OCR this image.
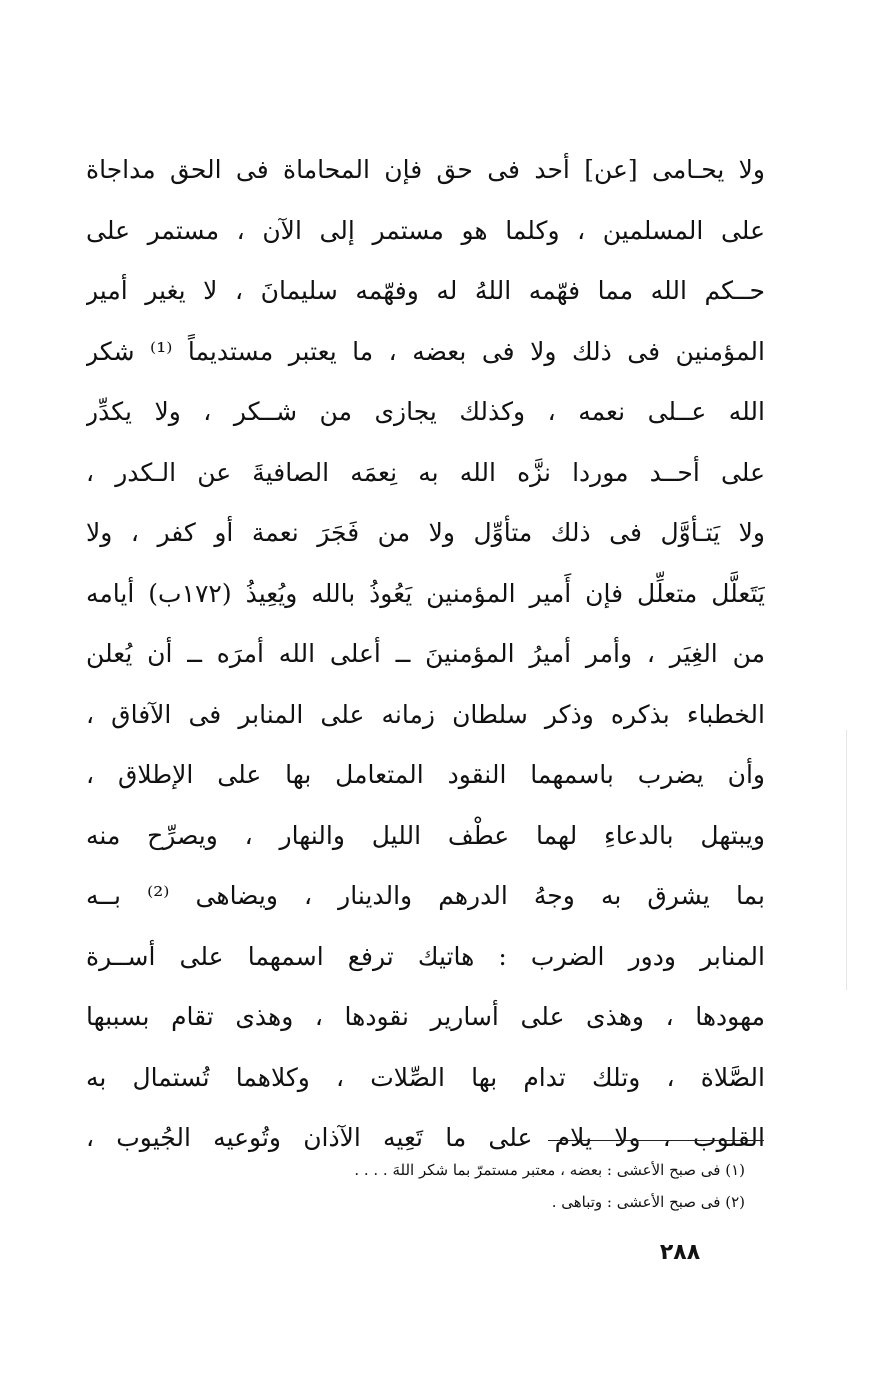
ولا يحـامى [عن] أحد فى حق فإن المحاماة فى الحق مداجاة
على المسلمين ، وكلما هو مستمر إلى الآن ، مستمر على
حــكم الله مما فهّمه اللهُ له وفهّمه سليمانَ ، لا يغير أمير
المؤمنين فى ذلك ولا فى بعضه ، ما يعتبر مستديماً ⁽¹⁾ شكر
الله عــلى نعمه ، وكذلك يجازى من شــكر ، ولا يكدِّر
على أحــد موردا نزَّه الله به نِعمَه الصافيةَ عن الـكدر ،
ولا يَتـأوَّل فى ذلك متأوِّل ولا من فَجَرَ نعمة أو كفر ، ولا
يَتَعلَّل متعلِّل فإن أَمير المؤمنين يَعُوذُ بالله ويُعِيذُ (١٧٢ب) أيامه
من الغِيَر ، وأمر أميرُ المؤمنينَ ــ أعلى الله أمرَه ــ أن يُعلن
الخطباء بذكره وذكر سلطان زمانه على المنابر فى الآفاق ،
وأن يضرب باسمهما النقود المتعامل بها على الإطلاق ،
ويبتهل بالدعاءِ لهما عطْف الليل والنهار ، ويصرِّح منه
بما يشرق به وجهُ الدرهم والدينار ، ويضاهى ⁽²⁾ بــه
المنابر ودور الضرب : هاتيك ترفع اسمهما على أســرة
مهودها ، وهذى على أسارير نقودها ، وهذى تقام بسببها
الصَّلاة ، وتلك تدام بها الصِّلات ، وكلاهما تُستمال به
القلوب ، ولا يلام على ما تَعِيه الآذان وتُوعيه الجُيوب ،
(١) فى صبح الأعشى : بعضه ، معتبر مستمرّ بما شكر اللهَ . . . .
(٢) فى صبح الأعشى : وتباهى .
٢٨٨
